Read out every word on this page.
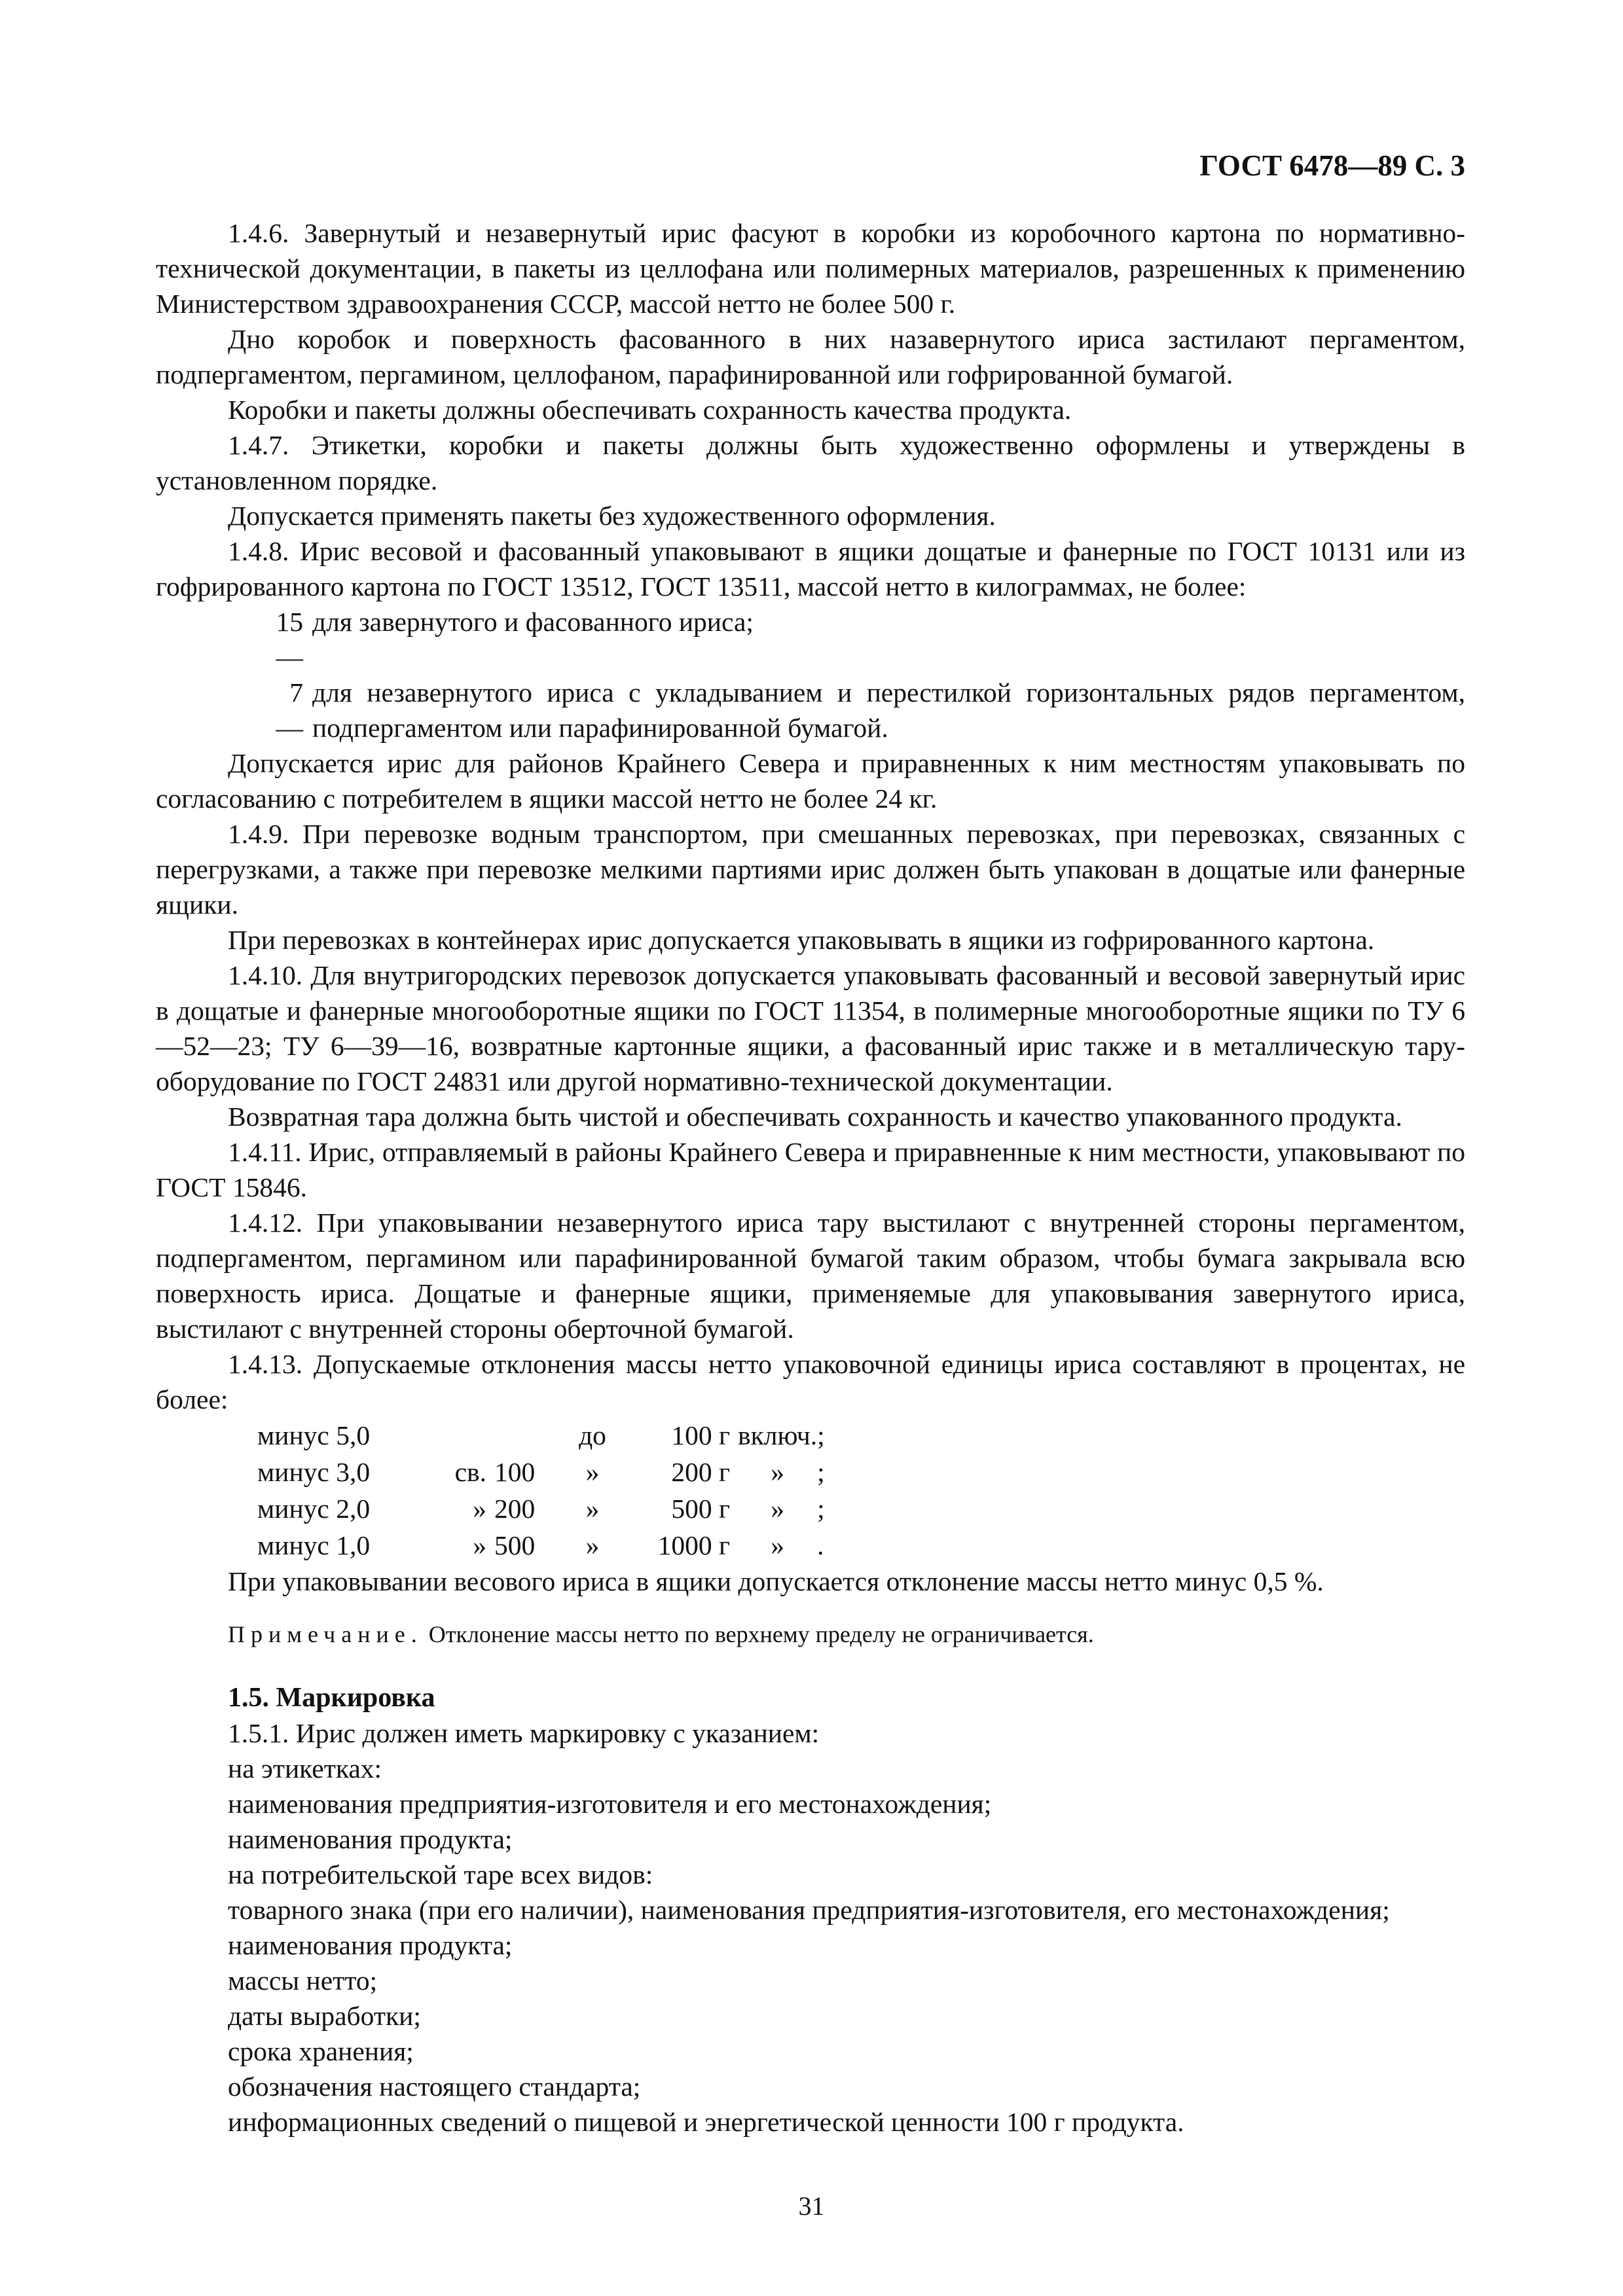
ГОСТ 6478—89 С. 3

1.4.6. Завернутый и незавернутый ирис фасуют в коробки из коробочного картона по нормативно-технической документации, в пакеты из целлофана или полимерных материалов, разрешенных к применению Министерством здравоохранения СССР, массой нетто не более 500 г.

Дно коробок и поверхность фасованного в них назавернутого ириса застилают пергаментом, подпергаментом, пергамином, целлофаном, парафинированной или гофрированной бумагой.

Коробки и пакеты должны обеспечивать сохранность качества продукта.

1.4.7. Этикетки, коробки и пакеты должны быть художественно оформлены и утверждены в установленном порядке.

Допускается применять пакеты без художественного оформления.

1.4.8. Ирис весовой и фасованный упаковывают в ящики дощатые и фанерные по ГОСТ 10131 или из гофрированного картона по ГОСТ 13512, ГОСТ 13511, массой нетто в килограммах, не более:

15 —
для завернутого и фасованного ириса;
7 —
для незавернутого ириса с укладыванием и перестилкой горизонтальных рядов пергаментом, подпергаментом или парафинированной бумагой.

Допускается ирис для районов Крайнего Севера и приравненных к ним местностям упаковывать по согласованию с потребителем в ящики массой нетто не более 24 кг.

1.4.9. При перевозке водным транспортом, при смешанных перевозках, при перевозках, связанных с перегрузками, а также при перевозке мелкими партиями ирис должен быть упакован в дощатые или фанерные ящики.

При перевозках в контейнерах ирис допускается упаковывать в ящики из гофрированного картона.

1.4.10. Для внутригородских перевозок допускается упаковывать фасованный и весовой завернутый ирис в дощатые и фанерные многооборотные ящики по ГОСТ 11354, в полимерные многооборотные ящики по ТУ 6—52—23; ТУ 6—39—16, возвратные картонные ящики, а фасованный ирис также и в металлическую тару-оборудование по ГОСТ 24831 или другой нормативно-технической документации.

Возвратная тара должна быть чистой и обеспечивать сохранность и качество упакованного продукта.

1.4.11. Ирис, отправляемый в районы Крайнего Севера и приравненные к ним местности, упаковывают по ГОСТ 15846.

1.4.12. При упаковывании незавернутого ириса тару выстилают с внутренней стороны пергаментом, подпергаментом, пергамином или парафинированной бумагой таким образом, чтобы бумага закрывала всю поверхность ириса. Дощатые и фанерные ящики, применяемые для упаковывания завернутого ириса, выстилают с внутренней стороны оберточной бумагой.

1.4.13. Допускаемые отклонения массы нетто упаковочной единицы ириса составляют в процентах, не более:

минус 5,0			до	100 г	включ.	;
минус 3,0	св.	100	»	200 г	»	;
минус 2,0	»	200	»	500 г	»	;
минус 1,0	»	500	»	1000 г	»	.

При упаковывании весового ириса в ящики допускается отклонение массы нетто минус 0,5 %.

Примечание. Отклонение массы нетто по верхнему пределу не ограничивается.

1.5. Маркировка

1.5.1. Ирис должен иметь маркировку с указанием:

на этикетках:

наименования предприятия-изготовителя и его местонахождения;

наименования продукта;

на потребительской таре всех видов:

товарного знака (при его наличии), наименования предприятия-изготовителя, его местонахождения;

наименования продукта;

массы нетто;

даты выработки;

срока хранения;

обозначения настоящего стандарта;

информационных сведений о пищевой и энергетической ценности 100 г продукта.

31
